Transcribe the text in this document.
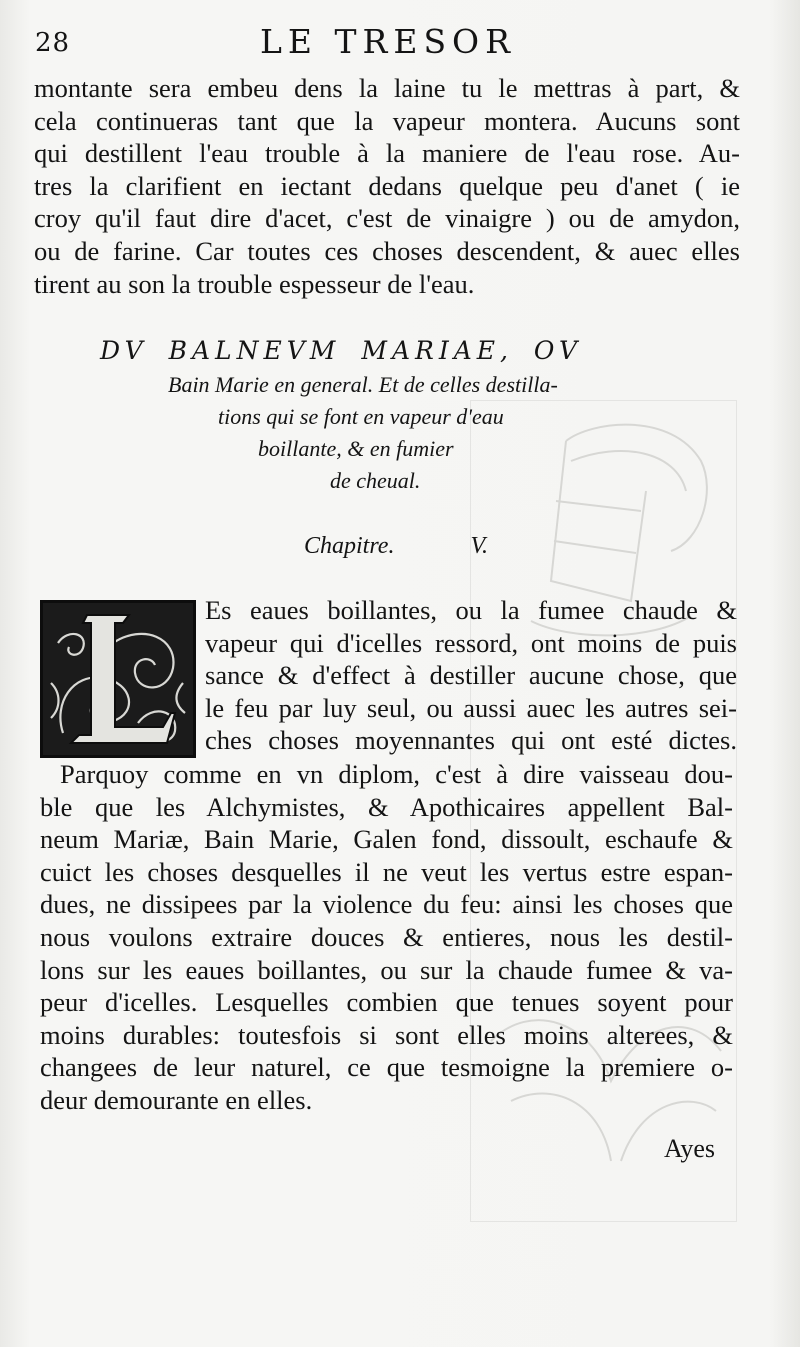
28	LE TRESOR
montante sera embeu dens la laine tu le mettras à part, &
cela continueras tant que la vapeur montera. Aucuns sont
qui destillent l'eau trouble à la maniere de l'eau rose. Au-
tres la clarifient en iectant dedans quelque peu d'anet ( ie
croy qu'il faut dire d'acet, c'est de vinaigre ) ou de amydon,
ou de farine. Car toutes ces choses descendent, & auec elles
tirent au son la trouble espesseur de l'eau.
DV BALNEVM MARIAE, OV
Bain Marie en general. Et de celles destilla-
tions qui se font en vapeur d'eau
boillante, & en fumier
de cheual.
Chapitre. V.
Es eaues boillantes, ou la fumee chaude &
vapeur qui d'icelles ressord, ont moins de puis
sance & d'effect à destiller aucune chose, que
le feu par luy seul, ou aussi auec les autres sei-
ches choses moyennantes qui ont esté dictes.
Parquoy comme en vn diplom, c'est à dire vaisseau dou-
ble que les Alchymistes, & Apothicaires appellent Bal-
neum Mariæ, Bain Marie, Galen fond, dissoult, eschaufe &
cuict les choses desquelles il ne veut les vertus estre espan-
dues, ne dissipees par la violence du feu: ainsi les choses que
nous voulons extraire douces & entieres, nous les destil-
lons sur les eaues boillantes, ou sur la chaude fumee & va-
peur d'icelles. Lesquelles combien que tenues soyent pour
moins durables: toutesfois si sont elles moins alterees, &
changees de leur naturel, ce que tesmoigne la premiere o-
deur demourante en elles.
Ayes
